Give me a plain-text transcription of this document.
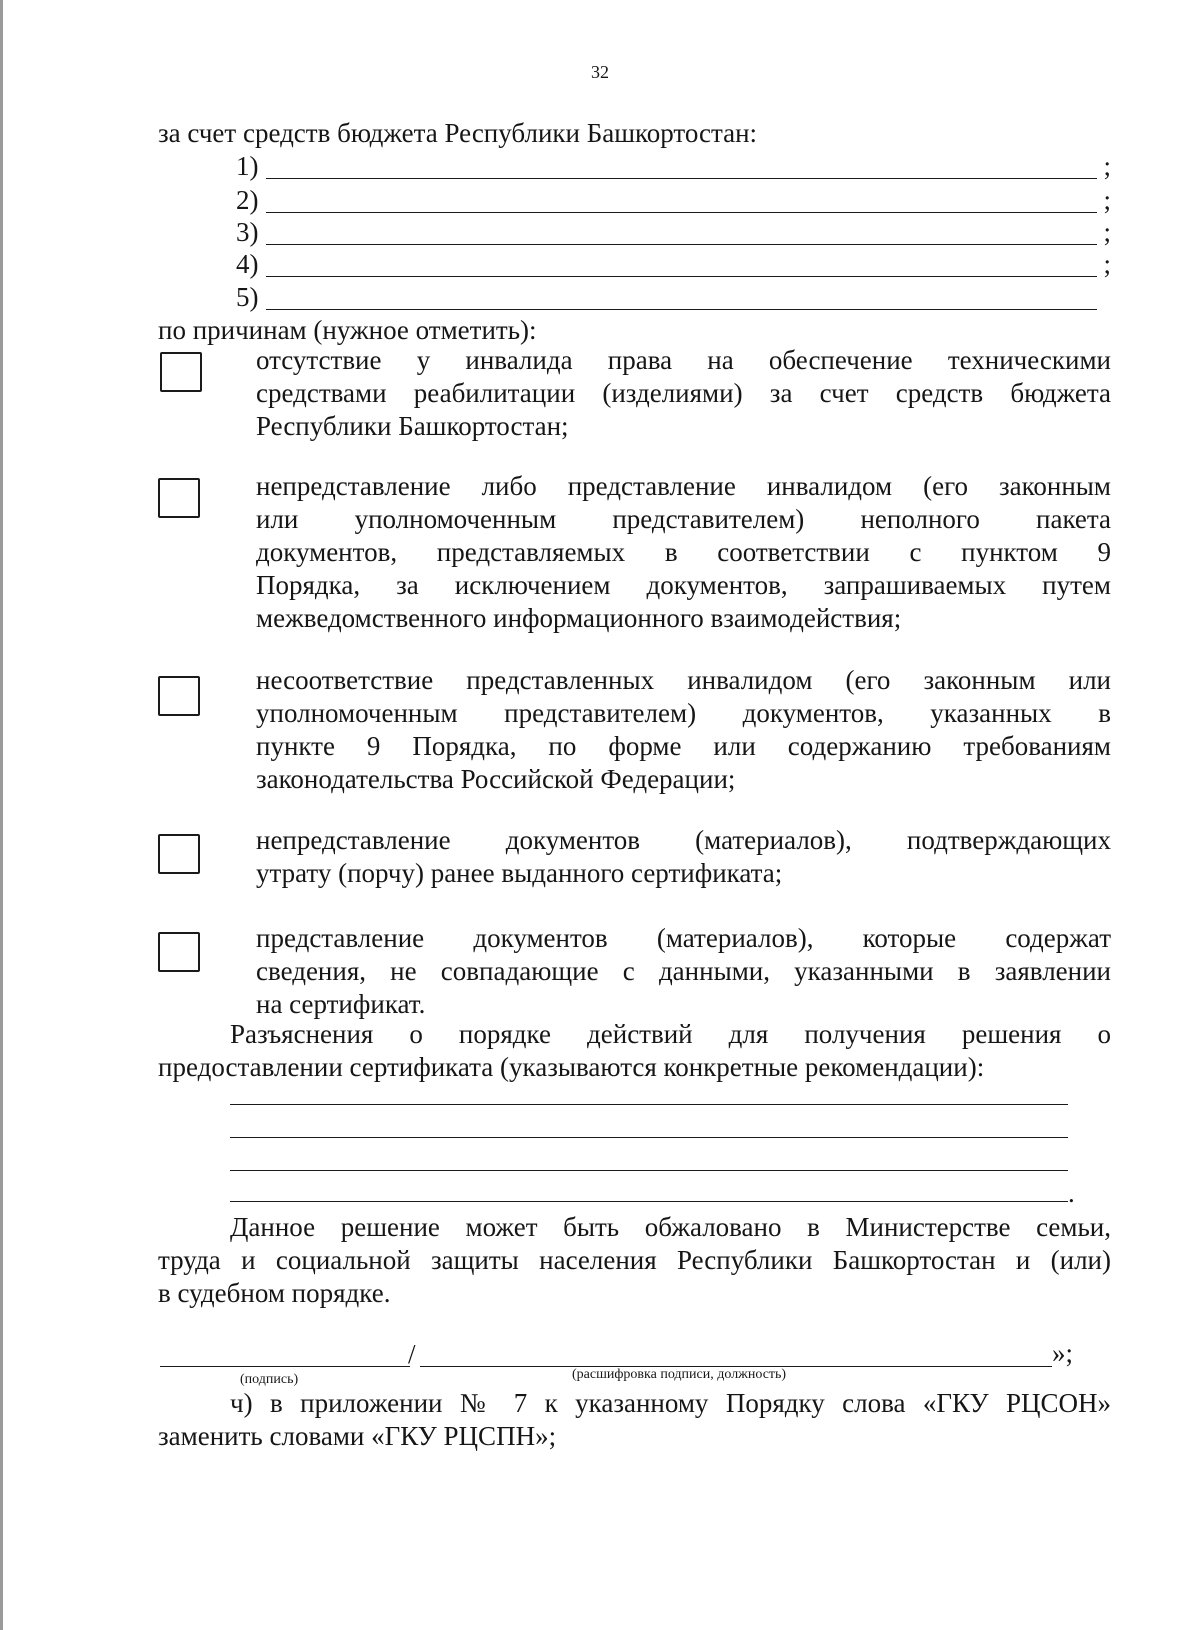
32
за счет средств бюджета Республики Башкортостан:
1)	;
2)	;
3)	;
4)	;
5)
по причинам (нужное отметить):
отсутствие у инвалида права на обеспечение техническими
средствами реабилитации (изделиями) за счет средств бюджета
Республики Башкортостан;
непредставление либо представление инвалидом (его законным
или уполномоченным представителем) неполного пакета
документов, представляемых в соответствии с пунктом 9
Порядка, за исключением документов, запрашиваемых путем
межведомственного информационного взаимодействия;
несоответствие представленных инвалидом (его законным или
уполномоченным представителем) документов, указанных в
пункте 9 Порядка, по форме или содержанию требованиям
законодательства Российской Федерации;
непредставление документов (материалов), подтверждающих
утрату (порчу) ранее выданного сертификата;
представление документов (материалов), которые содержат
сведения, не совпадающие с данными, указанными в заявлении
на сертификат.
Разъяснения о порядке действий для получения решения о
предоставлении сертификата (указываются конкретные рекомендации):
.
Данное решение может быть обжаловано в Министерстве семьи,
труда и социальной защиты населения Республики Башкортостан и (или)
в судебном порядке.
/	»;
(подпись)	(расшифровка подписи, должность)
ч) в приложении № 7 к указанному Порядку слова «ГКУ РЦСОН»
заменить словами «ГКУ РЦСПН»;
